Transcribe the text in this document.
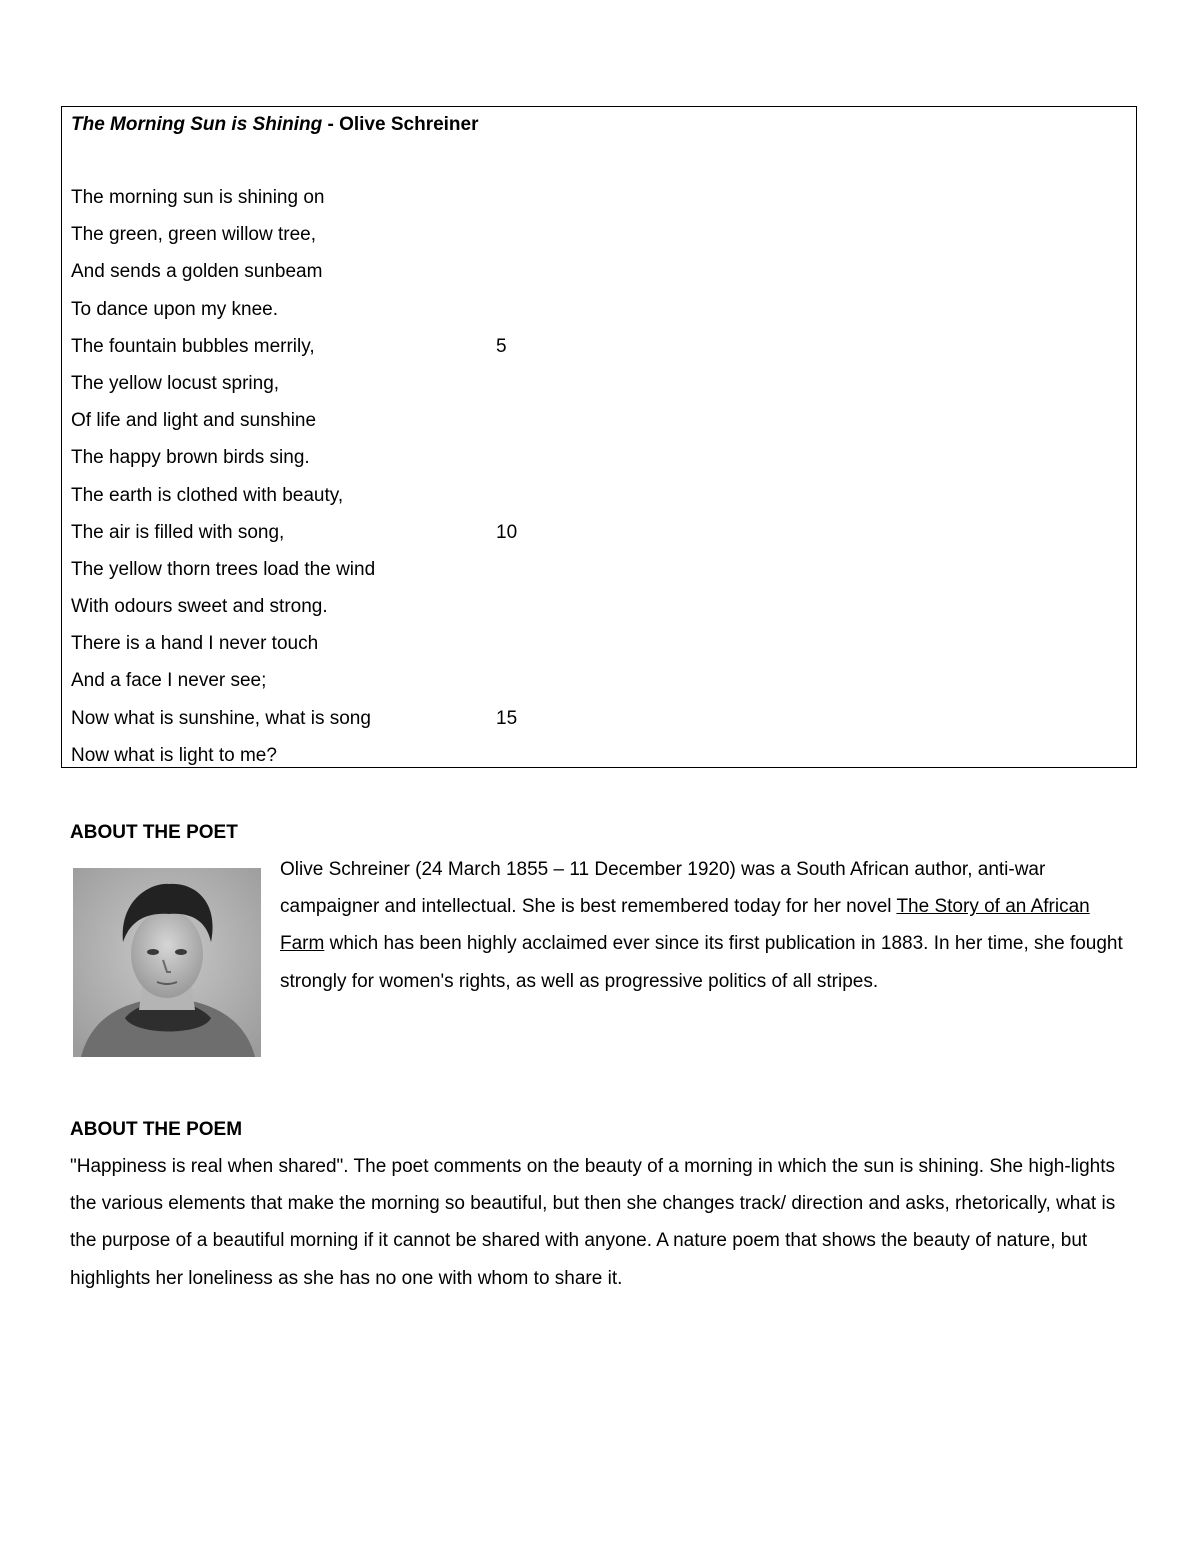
The Morning Sun is Shining - Olive Schreiner
The morning sun is shining on
The green, green willow tree,
And sends a golden sunbeam
To dance upon my knee.
The fountain bubbles merrily,	5
The yellow locust spring,
Of life and light and sunshine
The happy brown birds sing.
The earth is clothed with beauty,
The air is filled with song,	10
The yellow thorn trees load the wind
With odours sweet and strong.
There is a hand I never touch
And a face I never see;
Now what is sunshine, what is song	15
Now what is light to me?
ABOUT THE POET

Olive Schreiner (24 March 1855 – 11 December 1920) was a South African author, anti-war campaigner and intellectual. She is best remembered today for her novel The Story of an African Farm which has been highly acclaimed ever since its first publication in 1883. In her time, she fought strongly for women's rights, as well as progressive politics of all stripes.

ABOUT THE POEM

"Happiness is real when shared". The poet comments on the beauty of a morning in which the sun is shining. She high-lights the various elements that make the morning so beautiful, but then she changes track/ direction and asks, rhetorically, what is the purpose of a beautiful morning if it cannot be shared with anyone. A nature poem that shows the beauty of nature, but highlights her loneliness as she has no one with whom to share it.
